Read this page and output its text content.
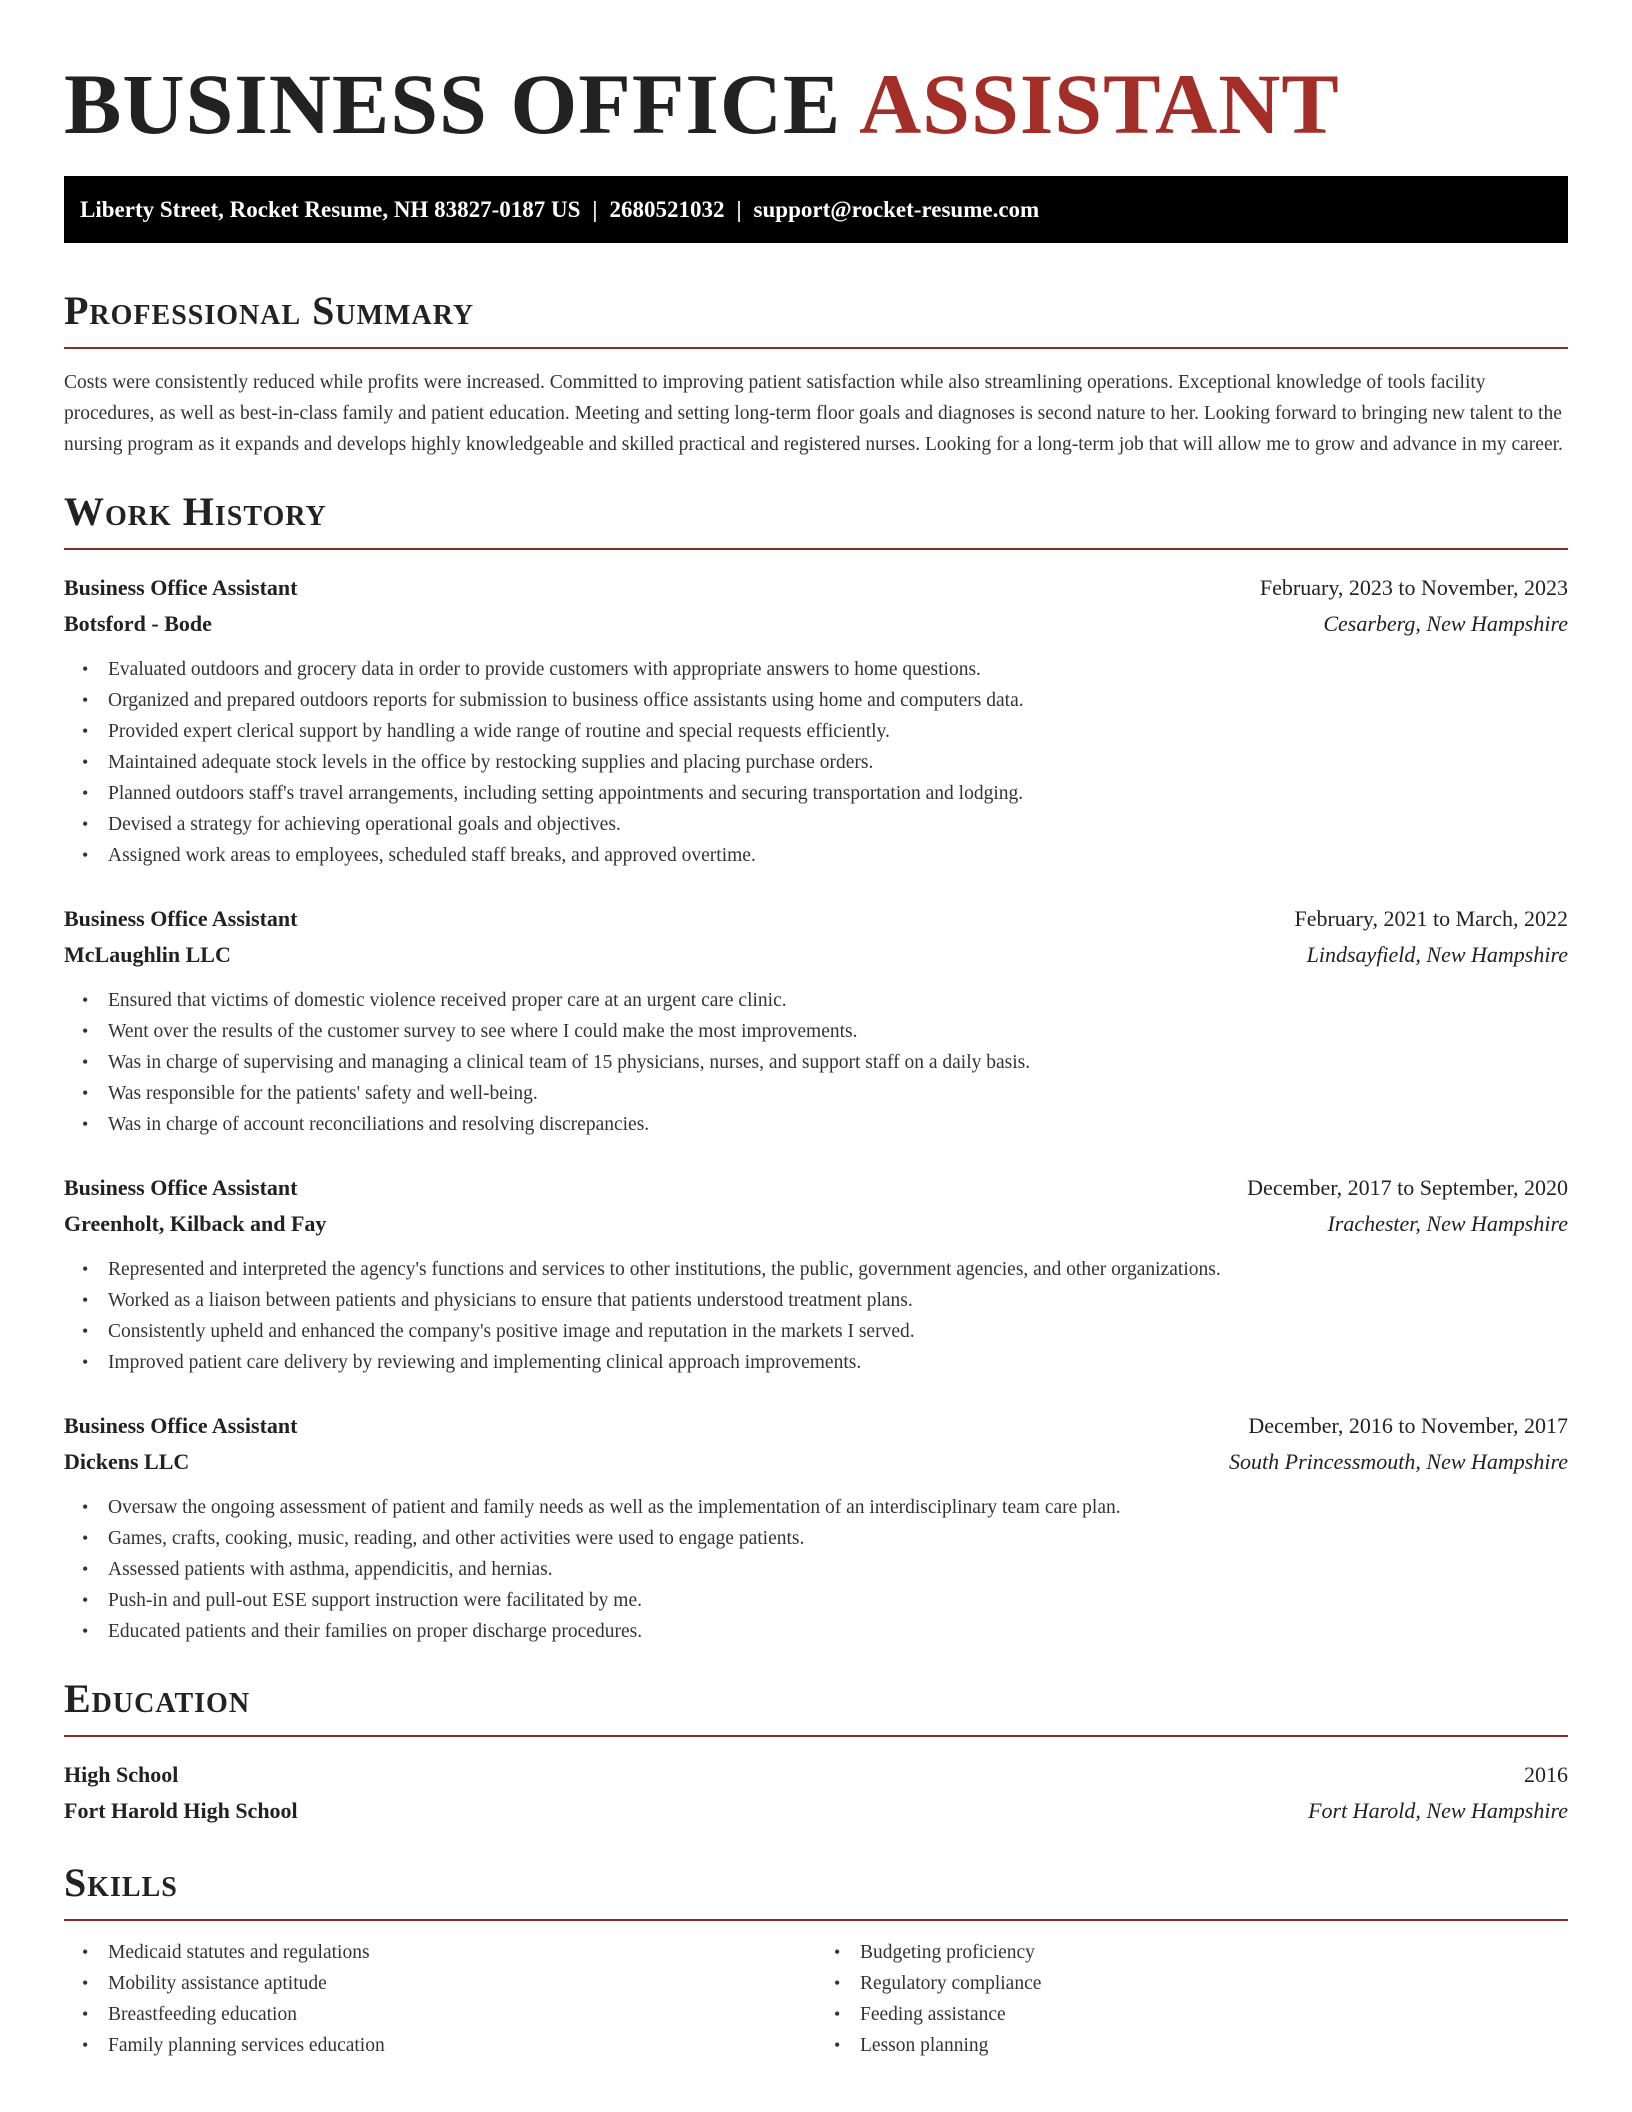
BUSINESS OFFICE ASSISTANT
Liberty Street, Rocket Resume, NH 83827-0187 US | 2680521032 | support@rocket-resume.com
Professional Summary

Costs were consistently reduced while profits were increased. Committed to improving patient satisfaction while also streamlining operations. Exceptional knowledge of tools facility procedures, as well as best-in-class family and patient education. Meeting and setting long-term floor goals and diagnoses is second nature to her. Looking forward to bringing new talent to the nursing program as it expands and develops highly knowledgeable and skilled practical and registered nurses. Looking for a long-term job that will allow me to grow and advance in my career.

Work History
Business Office Assistant	February, 2023 to November, 2023
Botsford - Bode	Cesarberg, New Hampshire
• Evaluated outdoors and grocery data in order to provide customers with appropriate answers to home questions.
• Organized and prepared outdoors reports for submission to business office assistants using home and computers data.
• Provided expert clerical support by handling a wide range of routine and special requests efficiently.
• Maintained adequate stock levels in the office by restocking supplies and placing purchase orders.
• Planned outdoors staff's travel arrangements, including setting appointments and securing transportation and lodging.
• Devised a strategy for achieving operational goals and objectives.
• Assigned work areas to employees, scheduled staff breaks, and approved overtime.
Business Office Assistant	February, 2021 to March, 2022
McLaughlin LLC	Lindsayfield, New Hampshire
• Ensured that victims of domestic violence received proper care at an urgent care clinic.
• Went over the results of the customer survey to see where I could make the most improvements.
• Was in charge of supervising and managing a clinical team of 15 physicians, nurses, and support staff on a daily basis.
• Was responsible for the patients' safety and well-being.
• Was in charge of account reconciliations and resolving discrepancies.
Business Office Assistant	December, 2017 to September, 2020
Greenholt, Kilback and Fay	Irachester, New Hampshire
• Represented and interpreted the agency's functions and services to other institutions, the public, government agencies, and other organizations.
• Worked as a liaison between patients and physicians to ensure that patients understood treatment plans.
• Consistently upheld and enhanced the company's positive image and reputation in the markets I served.
• Improved patient care delivery by reviewing and implementing clinical approach improvements.
Business Office Assistant	December, 2016 to November, 2017
Dickens LLC	South Princessmouth, New Hampshire
• Oversaw the ongoing assessment of patient and family needs as well as the implementation of an interdisciplinary team care plan.
• Games, crafts, cooking, music, reading, and other activities were used to engage patients.
• Assessed patients with asthma, appendicitis, and hernias.
• Push-in and pull-out ESE support instruction were facilitated by me.
• Educated patients and their families on proper discharge procedures.
Education
High School	2016
Fort Harold High School	Fort Harold, New Hampshire
Skills
• Medicaid statutes and regulations
• Mobility assistance aptitude
• Breastfeeding education
• Family planning services education
• Budgeting proficiency
• Regulatory compliance
• Feeding assistance
• Lesson planning
